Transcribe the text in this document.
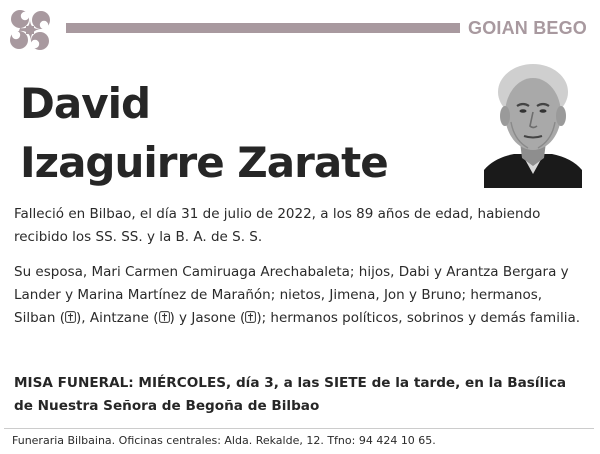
GOIAN BEGO
David
Izaguirre Zarate

Falleció en Bilbao, el día 31 de julio de 2022, a los 89 años de edad, habiendo recibido los SS. SS. y la B. A. de S. S.

Su esposa, Mari Carmen Camiruaga Arechabaleta; hijos, Dabi y Arantza Bergara y Lander y Marina Martínez de Marañón; nietos, Jimena, Jon y Bruno; hermanos, Silban ( ), Aintzane ( ) y Jasone ( ); hermanos políticos, sobrinos y demás familia.

MISA FUNERAL: MIÉRCOLES, día 3, a las SIETE de la tarde, en la Basílica de Nuestra Señora de Begoña de Bilbao

Funeraria Bilbaina. Oficinas centrales: Alda. Rekalde, 12. Tfno: 94 424 10 65.
